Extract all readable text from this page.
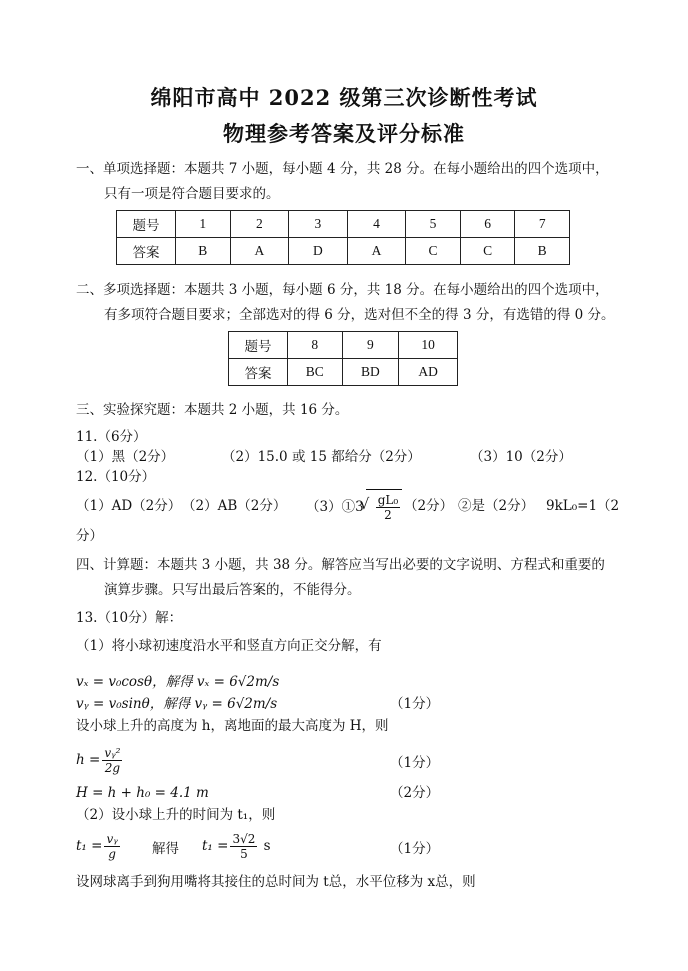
绵阳市高中 2022 级第三次诊断性考试
物理参考答案及评分标准
一、单项选择题：本题共 7 小题，每小题 4 分，共 28 分。在每小题给出的四个选项中，
只有一项是符合题目要求的。
题号	1	2	3	4	5	6	7
答案	B	A	D	A	C	C	B
二、多项选择题：本题共 3 小题，每小题 6 分，共 18 分。在每小题给出的四个选项中，
有多项符合题目要求；全部选对的得 6 分，选对但不全的得 3 分，有选错的得 0 分。
题号	8	9	10
答案	BC	BD	AD
三、实验探究题：本题共 2 小题，共 16 分。
11.（6分）
（1）黑（2分）	（2）15.0 或 15 都给分（2分）	（3）10（2分）
12.（10分）
（1）AD（2分） （2）AB（2分） （3）①3 √ $\frac{\text{gL₀}}{2} (2$分） ②是（2分） 9kL₀=1（2
分）
四、计算题：本题共 3 小题，共 38 分。解答应当写出必要的文字说明、方程式和重要的
演算步骤。只写出最后答案的，不能得分。
13.（10分）解：
（1）将小球初速度沿水平和竖直方向正交分解，有
vₓ = v₀cosθ，解得 vₓ = 6√2m/s
vᵧ = v₀sinθ，解得 vᵧ = 6√2m/s	（1分）
设小球上升的高度为 h，离地面的最大高度为 H，则
$h = \frac{\text{vᵧ²}}{2g}$	（1分）
H = h + h₀ = 4.1 m	（2分）
（2）设小球上升的时间为 t₁，则
$t_1 = \frac{\text{vᵧ}}{g}$ 解得 $t_1 = \frac{3√2}{5}$ s	（1分）
设网球离手到狗用嘴将其接住的总时间为 t总，水平位移为 x总，则
